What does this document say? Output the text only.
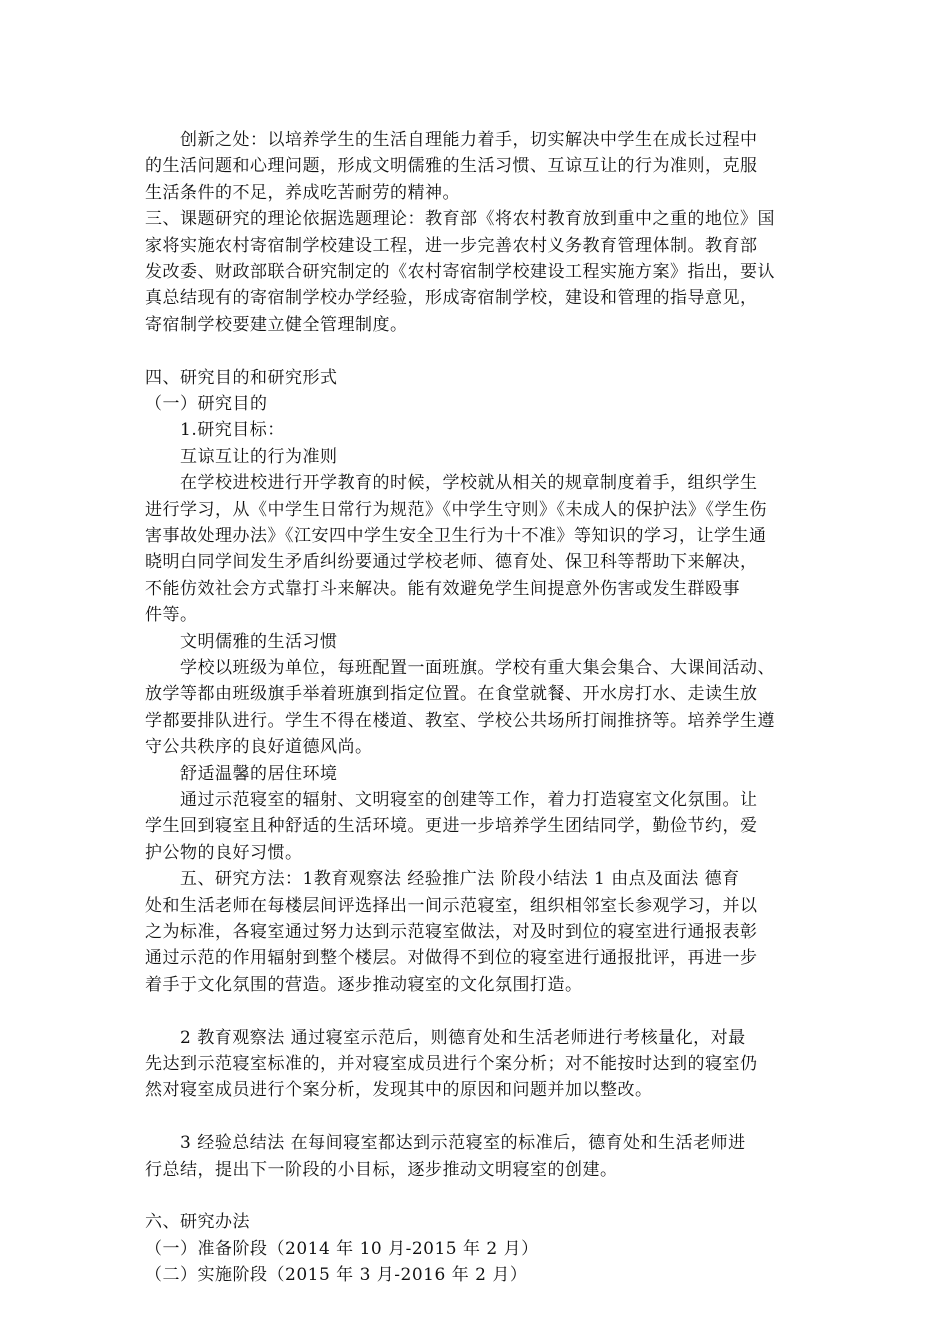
创新之处：以培养学生的生活自理能力着手，切实解决中学生在成长过程中
的生活问题和心理问题，形成文明儒雅的生活习惯、互谅互让的行为准则，克服
生活条件的不足，养成吃苦耐劳的精神。
三、课题研究的理论依据选题理论：教育部《将农村教育放到重中之重的地位》国
家将实施农村寄宿制学校建设工程，进一步完善农村义务教育管理体制。教育部
发改委、财政部联合研究制定的《农村寄宿制学校建设工程实施方案》指出，要认
真总结现有的寄宿制学校办学经验，形成寄宿制学校，建设和管理的指导意见，
寄宿制学校要建立健全管理制度。
四、研究目的和研究形式
（一）研究目的
1.研究目标：
互谅互让的行为准则
在学校进校进行开学教育的时候，学校就从相关的规章制度着手，组织学生
进行学习，从《中学生日常行为规范》《中学生守则》《未成人的保护法》《学生伤
害事故处理办法》《江安四中学生安全卫生行为十不准》等知识的学习，让学生通
晓明白同学间发生矛盾纠纷要通过学校老师、德育处、保卫科等帮助下来解决，
不能仿效社会方式靠打斗来解决。能有效避免学生间提意外伤害或发生群殴事
件等。
文明儒雅的生活习惯
学校以班级为单位，每班配置一面班旗。学校有重大集会集合、大课间活动、
放学等都由班级旗手举着班旗到指定位置。在食堂就餐、开水房打水、走读生放
学都要排队进行。学生不得在楼道、教室、学校公共场所打闹推挤等。培养学生遵
守公共秩序的良好道德风尚。
舒适温馨的居住环境
通过示范寝室的辐射、文明寝室的创建等工作，着力打造寝室文化氛围。让
学生回到寝室且种舒适的生活环境。更进一步培养学生团结同学，勤俭节约，爱
护公物的良好习惯。
五、研究方法：1教育观察法 经验推广法 阶段小结法 1 由点及面法 德育
处和生活老师在每楼层间评选择出一间示范寝室，组织相邻室长参观学习，并以
之为标准，各寝室通过努力达到示范寝室做法，对及时到位的寝室进行通报表彰
通过示范的作用辐射到整个楼层。对做得不到位的寝室进行通报批评，再进一步
着手于文化氛围的营造。逐步推动寝室的文化氛围打造。
2 教育观察法 通过寝室示范后，则德育处和生活老师进行考核量化，对最
先达到示范寝室标准的，并对寝室成员进行个案分析；对不能按时达到的寝室仍
然对寝室成员进行个案分析，发现其中的原因和问题并加以整改。
3 经验总结法 在每间寝室都达到示范寝室的标准后，德育处和生活老师进
行总结，提出下一阶段的小目标，逐步推动文明寝室的创建。
六、研究办法
（一）准备阶段（2014 年 10 月-2015 年 2 月）
（二）实施阶段（2015 年 3 月-2016 年 2 月）
